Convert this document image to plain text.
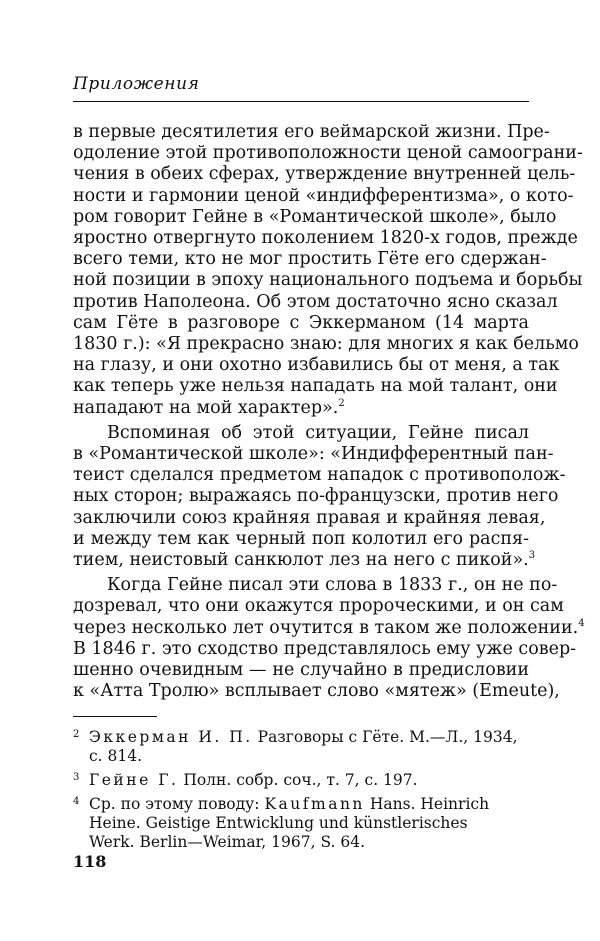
Приложения
в первые десятилетия его веймарской жизни. Пре-
одоление этой противоположности ценой самоограни-
чения в обеих сферах, утверждение внутренней цель-
ности и гармонии ценой «индифферентизма», о кото-
ром говорит Гейне в «Романтической школе», было
яростно отвергнуто поколением 1820-х годов, прежде
всего теми, кто не мог простить Гёте его сдержан-
ной позиции в эпоху национального подъема и борьбы
против Наполеона. Об этом достаточно ясно сказал
сам Гёте в разговоре с Эккерманом (14 марта
1830 г.): «Я прекрасно знаю: для многих я как бельмо
на глазу, и они охотно избавились бы от меня, а так
как теперь уже нельзя нападать на мой талант, они
нападают на мой характер».$^2$
Вспоминая об этой ситуации, Гейне писал
в «Романтической школе»: «Индифферентный пан-
теист сделался предметом нападок с противополож-
ных сторон; выражаясь по-французски, против него
заключили союз крайняя правая и крайняя левая,
и между тем как черный поп колотил его распя-
тием, неистовый санкюлот лез на него с пикой».$^3$
Когда Гейне писал эти слова в 1833 г., он не по-
дозревал, что они окажутся пророческими, и он сам
через несколько лет очутится в таком же положении.$^4$
В 1846 г. это сходство представлялось ему уже совер-
шенно очевидным — не случайно в предисловии
к «Атта Тролю» всплывает слово «мятеж» (Emeute),
2 Эккерман И. П. Разговоры с Гёте. М.—Л., 1934,
с. 814.
3 Гейне Г. Полн. собр. соч., т. 7, с. 197.
4 Ср. по этому поводу: Kaufmann Hans. Heinrich
Heine. Geistige Entwicklung und künstlerisches
Werk. Berlin—Weimar, 1967, S. 64.
118
